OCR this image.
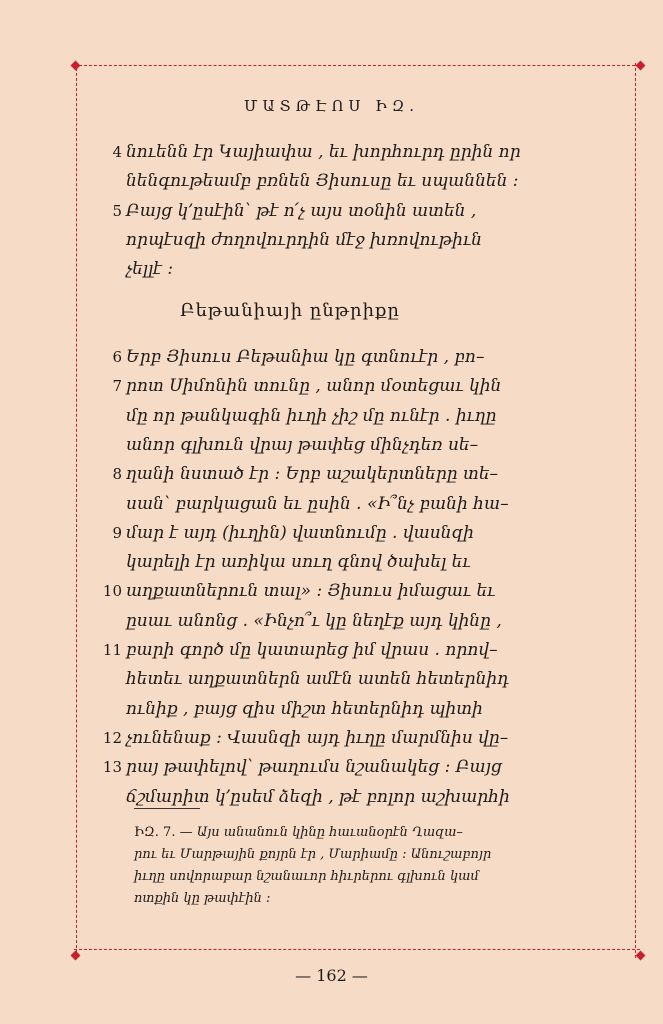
ՄԱՏԹԷՈՍ ԻԶ.
4 նուենն էր Կայիափա , եւ խորհուրդ ըրին որ
նենգութեամբ բռնեն Յիսուսը եւ սպաննեն :
5 Բայց կ՚ըսէին՝ թէ ո՛չ այս տօնին ատեն ,
որպէսզի ժողովուրդին մէջ խռովութիւն
չելլէ :
6 Երբ Յիսուս Բեթանիա կը գտնուէր , բո–
7 րոտ Սիմոնին տունը , անոր մօտեցաւ կին
մը որ թանկագին իւղի չիշ մը ունէր . իւղը
անոր գլխուն վրայ թափեց մինչդեռ սե–
8 ղանի նստած էր : Երբ աշակերտները տե–
սան՝ բարկացան եւ ըսին . «Ի՞նչ բանի հա–
9 մար է այդ (իւղին) վատնումը . վասնզի
կարելի էր առիկա սուղ գնով ծախել եւ
10 աղքատներուն տալ» : Յիսուս իմացաւ եւ
ըսաւ անոնց . «Ինչո՞ւ կը նեղէք այդ կինը ,
11 բարի գործ մը կատարեց իմ վրաս . որով–
հետեւ աղքատներն ամէն ատեն հետերնիդ
ունիք , բայց զիս միշտ հետերնիդ պիտի
12 չունենաք : Վասնզի այդ իւղը մարմնիս վը–
13 րայ թափելով՝ թաղումս նշանակեց : Բայց
ճշմարիտ կ՚ըսեմ ձեզի , թէ բոլոր աշխարհի
Բեթանիայի ընթրիքը
ԻԶ. 7. — Այս անանուն կինը հաւանօրէն Ղազա–
րու եւ Մարթային քոյրն էր , Մարիամը : Անուշաբոյր
իւղը սովորաբար նշանաւոր հիւրերու գլխուն կամ
ոտքին կը թափէին :
— 162 —
